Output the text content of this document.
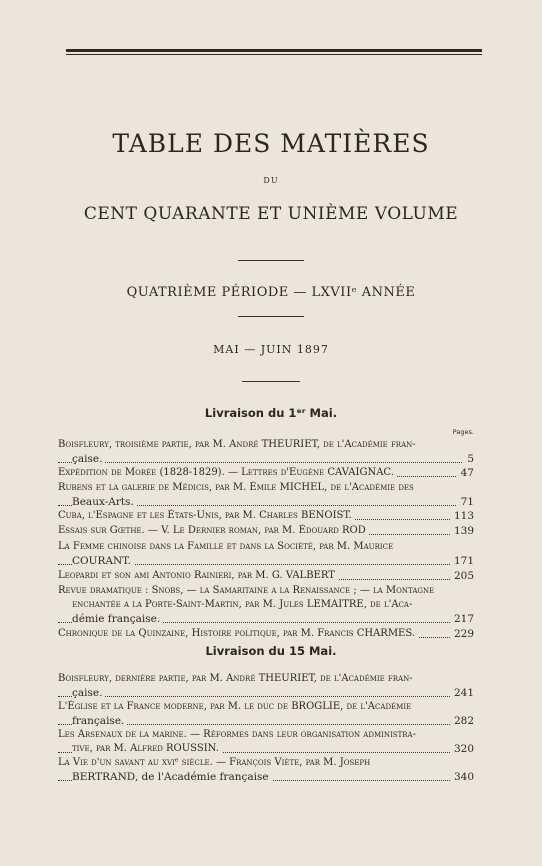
TABLE DES MATIÈRES
DU
CENT QUARANTE ET UNIÈME VOLUME
QUATRIÈME PÉRIODE — LXVIIᵉ ANNÉE
MAI — JUIN 1897
Livraison du 1ᵉʳ Mai.
Pages.
Boisfleury, troisième partie, par M. André THEURIET, de l'Académie fran-
çaise.	5
Expédition de Morée (1828-1829). — Lettres d'Eugène CAVAIGNAC.	47
Rubens et la galerie de Médicis, par M. Émile MICHEL, de l'Académie des
Beaux-Arts.	71
Cuba, l'Espagne et les États-Unis, par M. Charles BENOIST.	113
Essais sur Gœthe. — V. Le Dernier roman, par M. Édouard ROD	139
La Femme chinoise dans la Famille et dans la Société, par M. Maurice
COURANT.	171
Leopardi et son ami Antonio Rainieri, par M. G. VALBERT	205
Revue dramatique : Snobs, — la Samaritaine a la Renaissance ; — la Montagne
enchantée a la Porte-Saint-Martin, par M. Jules LEMAITRE, de l'Aca-
démie française.	217
Chronique de la Quinzaine, Histoire politique, par M. Francis CHARMES.	229
Livraison du 15 Mai.
Boisfleury, dernière partie, par M. André THEURIET, de l'Académie fran-
çaise.	241
L'Église et la France moderne, par M. le duc de BROGLIE, de l'Académie
française.	282
Les Arsenaux de la marine. — Réformes dans leur organisation administra-
tive, par M. Alfred ROUSSIN.	320
La Vie d'un savant au xviᵉ siècle. — François Viète, par M. Joseph
BERTRAND, de l'Académie française	340
